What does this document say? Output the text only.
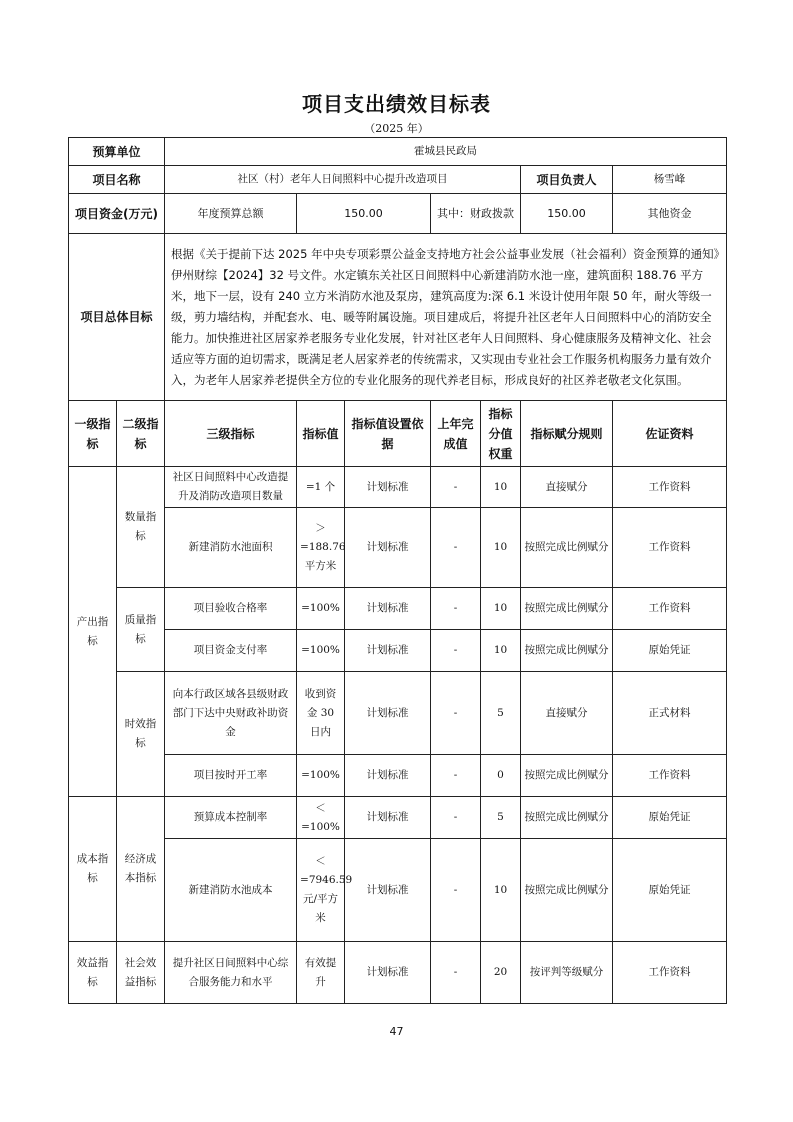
项目支出绩效目标表
（2025 年）
预算单位		霍城县民政局						
项目名称		社区（村）老年人日间照料中心提升改造项目					项目负责人	杨雪峰
项目资金(万元)		年度预算总额	150.00		其中：财政拨款		150.00	其他资金
项目总体目标		根据《关于提前下达 2025 年中央专项彩票公益金支持地方社会公益事业发展（社会福利）资金预算的通知》伊州财综【2024】32 号文件。水定镇东关社区日间照料中心新建消防水池一座，建筑面积 188.76 平方米，地下一层，设有 240 立方米消防水池及泵房，建筑高度为:深 6.1 米设计使用年限 50 年，耐火等级一级，剪力墙结构，并配套水、电、暖等附属设施。项目建成后，将提升社区老年人日间照料中心的消防安全能力。加快推进社区居家养老服务专业化发展，针对社区老年人日间照料、身心健康服务及精神文化、社会适应等方面的迫切需求，既满足老人居家养老的传统需求，又实现由专业社会工作服务机构服务力量有效介入，为老年人居家养老提供全方位的专业化服务的现代养老目标，形成良好的社区养老敬老文化氛围。						
一级指标	二级指标	三级指标	指标值	指标值设置依据	上年完成值	指标分值权重	指标赋分规则	佐证资料
产出指标	数量指标	社区日间照料中心改造提升及消防改造项目数量	=1 个	计划标准	-	10	直接赋分	工作资料
		新建消防水池面积	＞=188.76 平方米	计划标准	-	10	按照完成比例赋分	工作资料
	质量指标	项目验收合格率	=100%	计划标准	-	10	按照完成比例赋分	工作资料
		项目资金支付率	=100%	计划标准	-	10	按照完成比例赋分	原始凭证
	时效指标	向本行政区域各县级财政部门下达中央财政补助资金	收到资金 30 日内	计划标准	-	5	直接赋分	正式材料
		项目按时开工率	=100%	计划标准	-	0	按照完成比例赋分	工作资料
成本指标	经济成本指标	预算成本控制率	＜=100%	计划标准	-	5	按照完成比例赋分	原始凭证
		新建消防水池成本	＜=7946.59 元/平方米	计划标准	-	10	按照完成比例赋分	原始凭证
效益指标	社会效益指标	提升社区日间照料中心综合服务能力和水平	有效提升	计划标准	-	20	按评判等级赋分	工作资料
47
